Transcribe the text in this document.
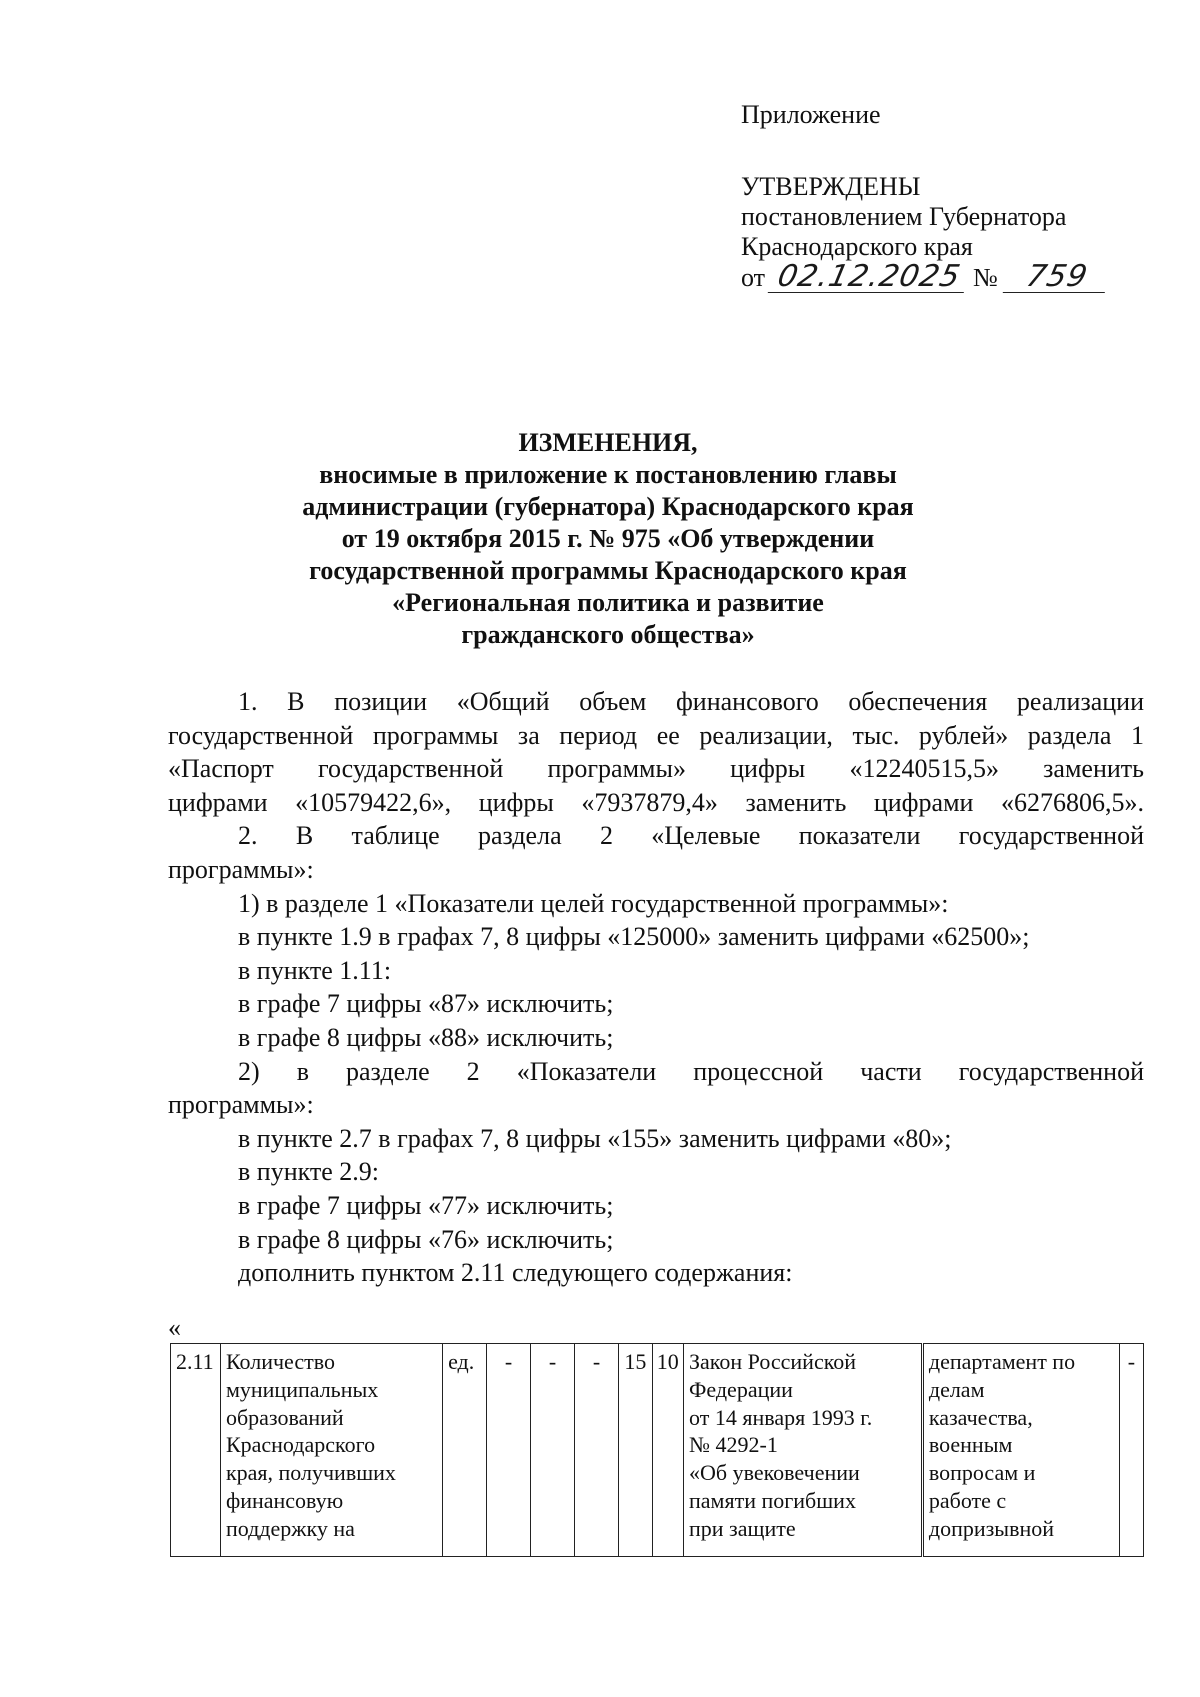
Приложение
УТВЕРЖДЕНЫ
постановлением Губернатора
Краснодарского края
от 02.12.2025 № 759
ИЗМЕНЕНИЯ,
вносимые в приложение к постановлению главы
администрации (губернатора) Краснодарского края
от 19 октября 2015 г. № 975 «Об утверждении
государственной программы Краснодарского края
«Региональная политика и развитие
гражданского общества»
1. В позиции «Общий объем финансового обеспечения реализации
государственной программы за период ее реализации, тыс. рублей» раздела 1
«Паспорт государственной программы» цифры «12240515,5» заменить
цифрами «10579422,6», цифры «7937879,4» заменить цифрами «6276806,5».
2. В таблице раздела 2 «Целевые показатели государственной
программы»:
1) в разделе 1 «Показатели целей государственной программы»:
в пункте 1.9 в графах 7, 8 цифры «125000» заменить цифрами «62500»;
в пункте 1.11:
в графе 7 цифры «87» исключить;
в графе 8 цифры «88» исключить;
2) в разделе 2 «Показатели процессной части государственной
программы»:
в пункте 2.7 в графах 7, 8 цифры «155» заменить цифрами «80»;
в пункте 2.9:
в графе 7 цифры «77» исключить;
в графе 8 цифры «76» исключить;
дополнить пунктом 2.11 следующего содержания:
«
2.11	Количество
муниципальных
образований
Краснодарского
края, получивших
финансовую
поддержку на
	ед.	-	-	-	15	10	Закон Российской
Федерации
от 14 января 1993 г.
№ 4292-1
«Об увековечении
памяти погибших
при защите

департамент по
делам
казачества,
военным
вопросам и
работе с
допризывной
	-
